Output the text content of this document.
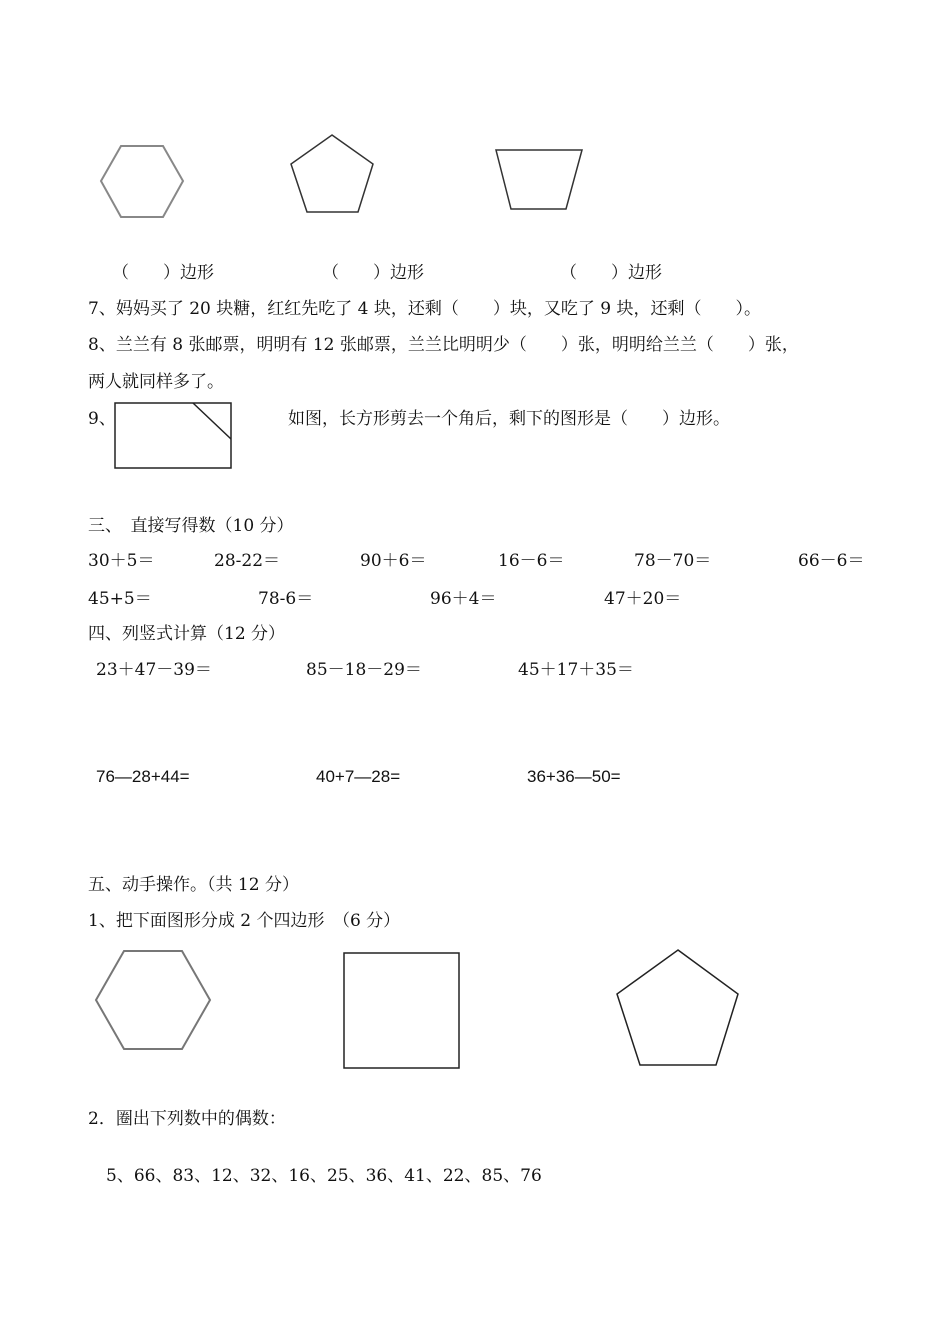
（　　）边形	（　　）边形	（　　）边形
7、妈妈买了 20 块糖，红红先吃了 4 块，还剩（　　）块，又吃了 9 块，还剩（　　）。
8、兰兰有 8 张邮票，明明有 12 张邮票，兰兰比明明少（　　）张，明明给兰兰（　　）张，
两人就同样多了。
9、	如图，长方形剪去一个角后，剩下的图形是（　　）边形。
三、　直接写得数（10 分）
30＋5＝	28-22＝	90＋6＝	16－6＝	78－70＝	66－6＝
45+5＝	78-6＝	96＋4＝	47＋20＝
四、列竖式计算（12 分）
23＋47－39＝	85－18－29＝	45＋17＋35＝
76—28+44=	40+7—28=	36+36—50=
五、动手操作。（共 12 分）
1、把下面图形分成 2 个四边形　（6 分）
2．圈出下列数中的偶数：
5、66、83、12、32、16、25、36、41、22、85、76
